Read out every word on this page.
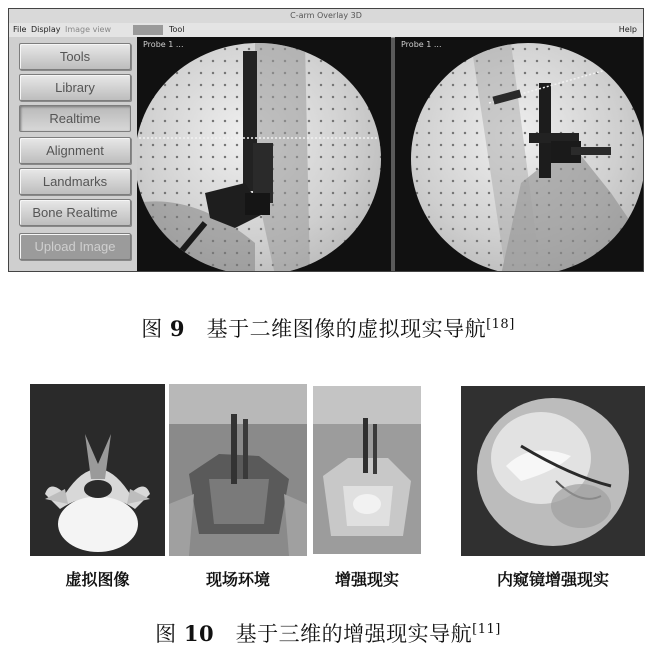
C-arm Overlay 3D
File Display Image view	Tool	Help
Tools
Library
Realtime
Alignment
Landmarks
Bone Realtime
Upload Image
Probe 1 ...	Probe 1 ...
图 9 基于二维图像的虚拟现实导航[18]
虚拟图像	现场环境	增强现实	内窥镜增强现实
图 10 基于三维的增强现实导航[11]
